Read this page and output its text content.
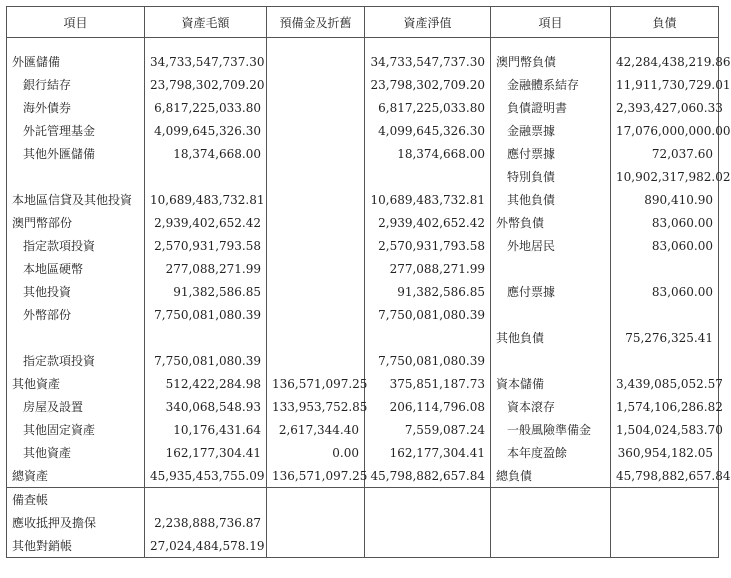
項目	資產毛額	預備金及折舊	資產淨值	項目	負債

外匯儲備	34,733,547,737.30		34,733,547,737.30	澳門幣負債	42,284,438,219.86
銀行結存	23,798,302,709.20		23,798,302,709.20	金融體系結存	11,911,730,729.01
海外債券	6,817,225,033.80		6,817,225,033.80	負債證明書	2,393,427,060.33
外託管理基金	4,099,645,326.30		4,099,645,326.30	金融票據	17,076,000,000.00
其他外匯儲備	18,374,668.00		18,374,668.00	應付票據	72,037.60
				特別負債	10,902,317,982.02
本地區信貸及其他投資	10,689,483,732.81		10,689,483,732.81	其他負債	890,410.90
澳門幣部份	2,939,402,652.42		2,939,402,652.42	外幣負債	83,060.00
指定款項投資	2,570,931,793.58		2,570,931,793.58	外地居民	83,060.00
本地區硬幣	277,088,271.99		277,088,271.99		
其他投資	91,382,586.85		91,382,586.85	應付票據	83,060.00
外幣部份	7,750,081,080.39		7,750,081,080.39		
				其他負債	75,276,325.41
指定款項投資	7,750,081,080.39		7,750,081,080.39		
其他資產	512,422,284.98	136,571,097.25	375,851,187.73	資本儲備	3,439,085,052.57
房屋及設置	340,068,548.93	133,953,752.85	206,114,796.08	資本滾存	1,574,106,286.82
其他固定資產	10,176,431.64	2,617,344.40	7,559,087.24	一般風險準備金	1,504,024,583.70
其他資產	162,177,304.41	0.00	162,177,304.41	本年度盈餘	360,954,182.05
總資產	45,935,453,755.09	136,571,097.25	45,798,882,657.84	總負債	45,798,882,657.84
備查帳					
應收抵押及擔保	2,238,888,736.87				
其他對銷帳	27,024,484,578.19				
